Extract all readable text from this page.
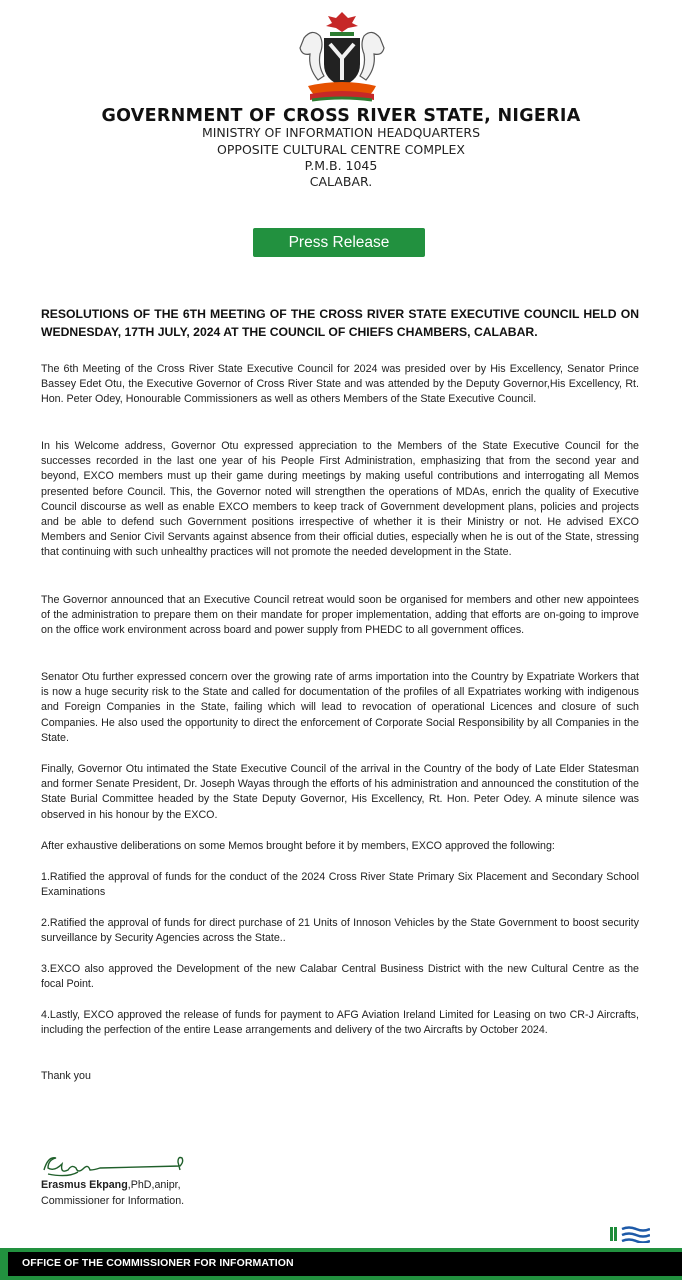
GOVERNMENT OF CROSS RIVER STATE, NIGERIA
MINISTRY OF INFORMATION HEADQUARTERS
OPPOSITE CULTURAL CENTRE COMPLEX
P.M.B. 1045
CALABAR.
Press Release
RESOLUTIONS OF THE 6TH MEETING OF THE CROSS RIVER STATE EXECUTIVE COUNCIL HELD ON WEDNESDAY, 17TH JULY, 2024 AT THE COUNCIL OF CHIEFS CHAMBERS, CALABAR.
The 6th Meeting of the Cross River State Executive Council for 2024 was presided over by His Excellency, Senator Prince Bassey Edet Otu, the Executive Governor of Cross River State and was attended by the Deputy Governor,His Excellency, Rt. Hon. Peter Odey, Honourable Commissioners as well as others Members of the State Executive Council.
In his Welcome address, Governor Otu expressed appreciation to the Members of the State Executive Council for the successes recorded in the last one year of his People First Administration, emphasizing that from the second year and beyond, EXCO members must up their game during meetings by making useful contributions and interrogating all Memos presented before Council. This, the Governor noted will strengthen the operations of MDAs, enrich the quality of Executive Council discourse as well as enable EXCO members to keep track of Government development plans, policies and projects and be able to defend such Government positions irrespective of whether it is their Ministry or not. He advised EXCO Members and Senior Civil Servants against absence from their official duties, especially when he is out of the State, stressing that continuing with such unhealthy practices will not promote the needed development in the State.
The Governor announced that an Executive Council retreat would soon be organised for members and other new appointees of the administration to prepare them on their mandate for proper implementation, adding that efforts are on-going to improve on the office work environment across board and power supply from PHEDC to all government offices.
Senator Otu further expressed concern over the growing rate of arms importation into the Country by Expatriate Workers that is now a huge security risk to the State and called for documentation of the profiles of all Expatriates working with indigenous and Foreign Companies in the State, failing which will lead to revocation of operational Licences and closure of such Companies. He also used the opportunity to direct the enforcement of Corporate Social Responsibility by all Companies in the State.
Finally, Governor Otu intimated the State Executive Council of the arrival in the Country of the body of Late Elder Statesman and former Senate President, Dr. Joseph Wayas through the efforts of his administration and announced the constitution of the State Burial Committee headed by the State Deputy Governor, His Excellency, Rt. Hon. Peter Odey. A minute silence was observed in his honour by the EXCO.
After exhaustive deliberations on some Memos brought before it by members, EXCO approved the following:
1.Ratified the approval of funds for the conduct of the 2024 Cross River State Primary Six Placement and Secondary School Examinations
2.Ratified the approval of funds for direct purchase of 21 Units of Innoson Vehicles by the State Government to boost security surveillance by Security Agencies across the State..
3.EXCO also approved the Development of the new Calabar Central Business District with the new Cultural Centre as the focal Point.
4.Lastly, EXCO approved the release of funds for payment to AFG Aviation Ireland Limited for Leasing on two CR-J Aircrafts, including the perfection of the entire Lease arrangements and delivery of the two Aircrafts by October 2024.
Thank you
Erasmus Ekpang,PhD,anipr,
Commissioner for Information.
OFFICE OF THE COMMISSIONER FOR INFORMATION
